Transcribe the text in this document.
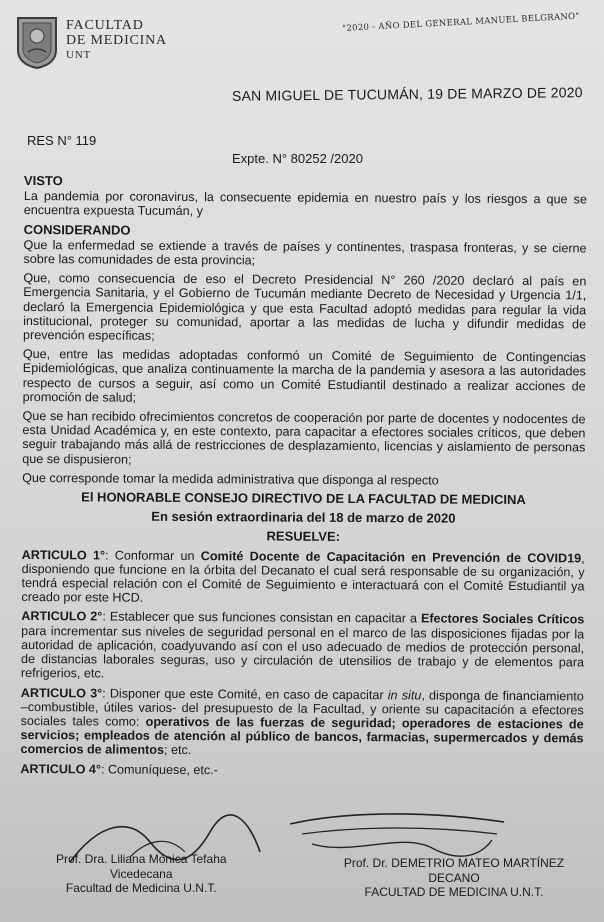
FACULTAD
DE MEDICINA
UNT
"2020 - AÑO DEL GENERAL MANUEL BELGRANO"
SAN MIGUEL DE TUCUMÁN, 19 DE MARZO DE 2020
RES N° 119
Expte. N° 80252 /2020
VISTO

La pandemia por coronavirus, la consecuente epidemia en nuestro país y los riesgos a que se encuentra expuesta Tucumán, y

CONSIDERANDO

Que la enfermedad se extiende a través de países y continentes, traspasa fronteras, y se cierne sobre las comunidades de esta provincia;

Que, como consecuencia de eso el Decreto Presidencial N° 260 /2020 declaró al país en Emergencia Sanitaria, y el Gobierno de Tucumán mediante Decreto de Necesidad y Urgencia 1/1, declaró la Emergencia Epidemiológica y que esta Facultad adoptó medidas para regular la vida institucional, proteger su comunidad, aportar a las medidas de lucha y difundir medidas de prevención específicas;

Que, entre las medidas adoptadas conformó un Comité de Seguimiento de Contingencias Epidemiológicas, que analiza continuamente la marcha de la pandemia y asesora a las autoridades respecto de cursos a seguir, así como un Comité Estudiantil destinado a realizar acciones de promoción de salud;

Que se han recibido ofrecimientos concretos de cooperación por parte de docentes y nodocentes de esta Unidad Académica y, en este contexto, para capacitar a efectores sociales críticos, que deben seguir trabajando más allá de restricciones de desplazamiento, licencias y aislamiento de personas que se dispusieron;

Que corresponde tomar la medida administrativa que disponga al respecto

El HONORABLE CONSEJO DIRECTIVO DE LA FACULTAD DE MEDICINA

En sesión extraordinaria del 18 de marzo de 2020

RESUELVE:

ARTICULO 1°: Conformar un Comité Docente de Capacitación en Prevención de COVID19, disponiendo que funcione en la órbita del Decanato el cual será responsable de su organización, y tendrá especial relación con el Comité de Seguimiento e interactuará con el Comité Estudiantil ya creado por este HCD.

ARTICULO 2°: Establecer que sus funciones consistan en capacitar a Efectores Sociales Críticos para incrementar sus niveles de seguridad personal en el marco de las disposiciones fijadas por la autoridad de aplicación, coadyuvando así con el uso adecuado de medios de protección personal, de distancias laborales seguras, uso y circulación de utensilios de trabajo y de elementos para refrigerios, etc.

ARTICULO 3°: Disponer que este Comité, en caso de capacitar in situ, disponga de financiamiento –combustible, útiles varios- del presupuesto de la Facultad, y oriente su capacitación a efectores sociales tales como: operativos de las fuerzas de seguridad; operadores de estaciones de servicios; empleados de atención al público de bancos, farmacias, supermercados y demás comercios de alimentos; etc.

ARTICULO 4°: Comuníquese, etc.-

Prof. Dra. Liliana Mónica Tefaha
Vicedecana
Facultad de Medicina U.N.T.
Prof. Dr. DEMETRIO MATEO MARTÍNEZ
DECANO
FACULTAD DE MEDICINA U.N.T.
